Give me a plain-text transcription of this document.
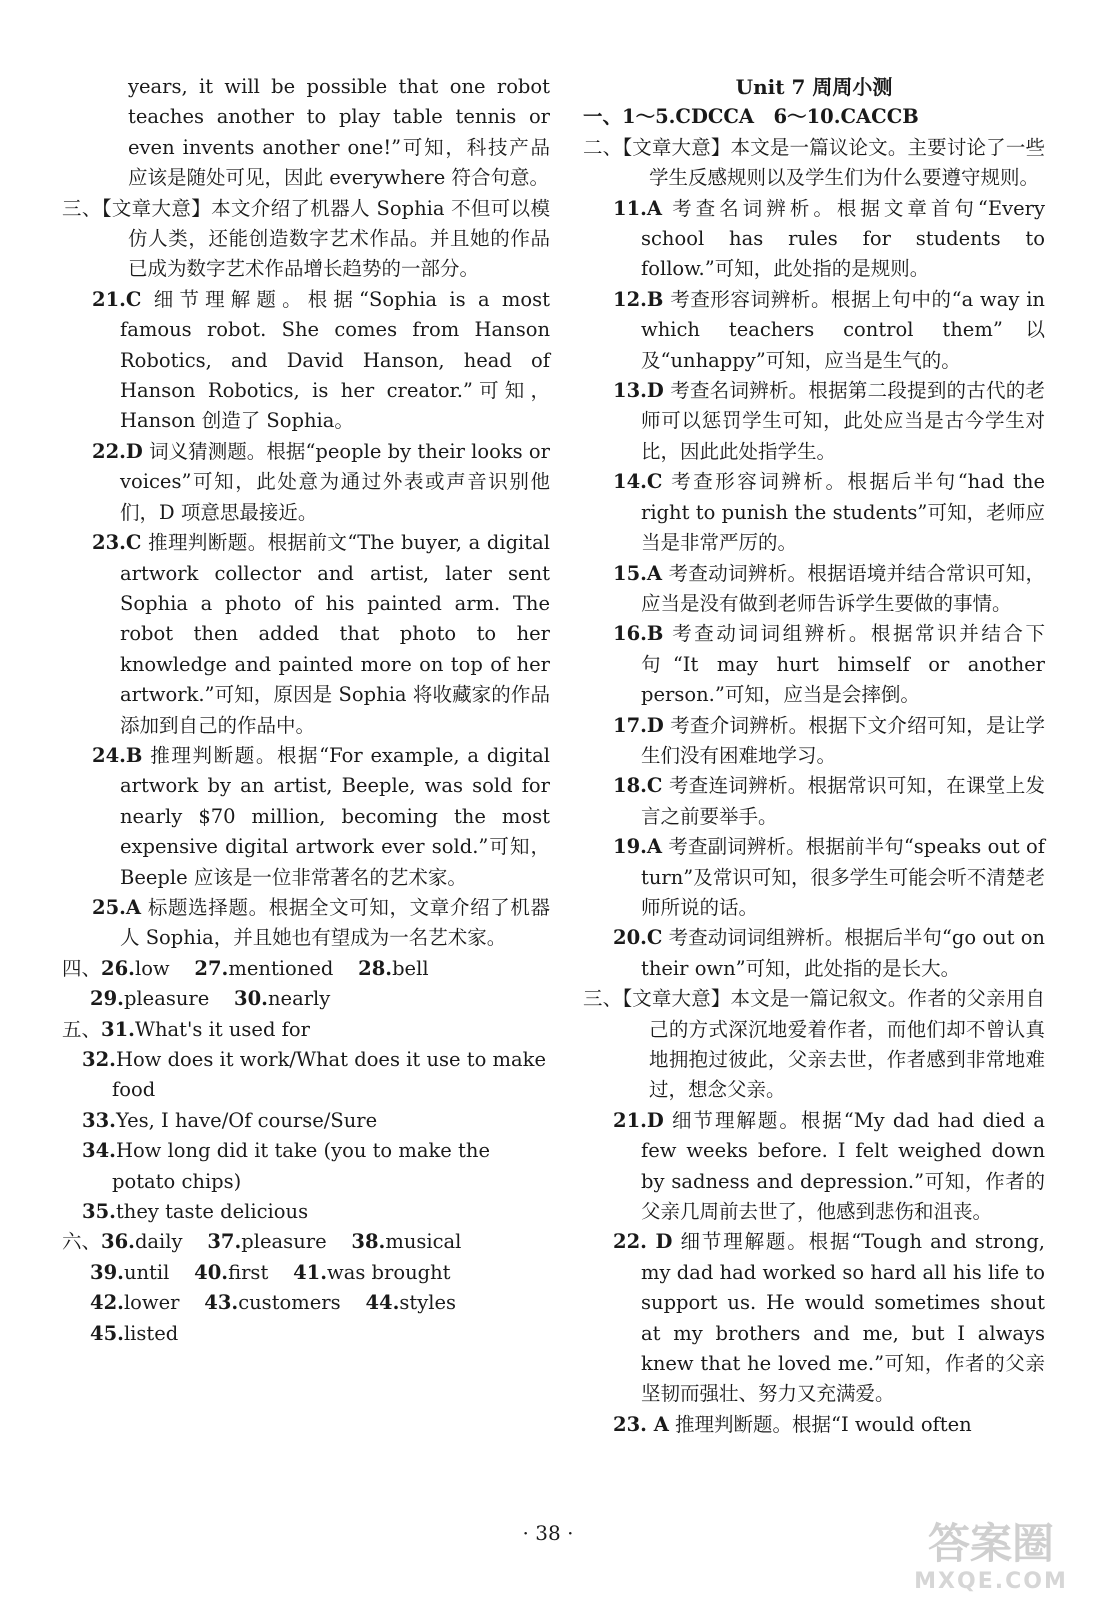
years, it will be possible that one robot teaches another to play table tennis or even invents another one!”可知，科技产品应该是随处可见，因此 everywhere 符合句意。
三、【文章大意】本文介绍了机器人 Sophia 不但可以模仿人类，还能创造数字艺术作品。并且她的作品已成为数字艺术作品增长趋势的一部分。
21.C 细节理解题。根据“Sophia is a most famous robot. She comes from Hanson Robotics, and David Hanson, head of Hanson Robotics, is her creator.”可知，Hanson 创造了 Sophia。
22.D 词义猜测题。根据“people by their looks or voices”可知，此处意为通过外表或声音识别他们，D 项意思最接近。
23.C 推理判断题。根据前文“The buyer, a digital artwork collector and artist, later sent Sophia a photo of his painted arm. The robot then added that photo to her knowledge and painted more on top of her artwork.”可知，原因是 Sophia 将收藏家的作品添加到自己的作品中。
24.B 推理判断题。根据“For example, a digital artwork by an artist, Beeple, was sold for nearly $70 million, becoming the most expensive digital artwork ever sold.”可知，Beeple 应该是一位非常著名的艺术家。
25.A 标题选择题。根据全文可知，文章介绍了机器人 Sophia，并且她也有望成为一名艺术家。
四、26.low 27.mentioned 28.bell
29.pleasure 30.nearly
五、31.What's it used for
32.How does it work/What does it use to make food
33.Yes, I have/Of course/Sure
34.How long did it take (you to make the potato chips)
35.they taste delicious
六、36.daily 37.pleasure 38.musical
39.until 40.first 41.was brought
42.lower 43.customers 44.styles
45.listed
Unit 7 周周小测
一、1～5.CDCCA　6～10.CACCB
二、【文章大意】本文是一篇议论文。主要讨论了一些学生反感规则以及学生们为什么要遵守规则。
11.A 考查名词辨析。根据文章首句“Every school has rules for students to follow.”可知，此处指的是规则。
12.B 考查形容词辨析。根据上句中的“a way in which teachers control them”以及“unhappy”可知，应当是生气的。
13.D 考查名词辨析。根据第二段提到的古代的老师可以惩罚学生可知，此处应当是古今学生对比，因此此处指学生。
14.C 考查形容词辨析。根据后半句“had the right to punish the students”可知，老师应当是非常严厉的。
15.A 考查动词辨析。根据语境并结合常识可知，应当是没有做到老师告诉学生要做的事情。
16.B 考查动词词组辨析。根据常识并结合下句“It may hurt himself or another person.”可知，应当是会摔倒。
17.D 考查介词辨析。根据下文介绍可知，是让学生们没有困难地学习。
18.C 考查连词辨析。根据常识可知，在课堂上发言之前要举手。
19.A 考查副词辨析。根据前半句“speaks out of turn”及常识可知，很多学生可能会听不清楚老师所说的话。
20.C 考查动词词组辨析。根据后半句“go out on their own”可知，此处指的是长大。
三、【文章大意】本文是一篇记叙文。作者的父亲用自己的方式深沉地爱着作者，而他们却不曾认真地拥抱过彼此，父亲去世，作者感到非常地难过，想念父亲。
21.D 细节理解题。根据“My dad had died a few weeks before. I felt weighed down by sadness and depression.”可知，作者的父亲几周前去世了，他感到悲伤和沮丧。
22. D 细节理解题。根据“Tough and strong, my dad had worked so hard all his life to support us. He would sometimes shout at my brothers and me, but I always knew that he loved me.”可知，作者的父亲坚韧而强壮、努力又充满爱。
23. A 推理判断题。根据“I would often
· 38 ·	答案圈
MXQE.COM
